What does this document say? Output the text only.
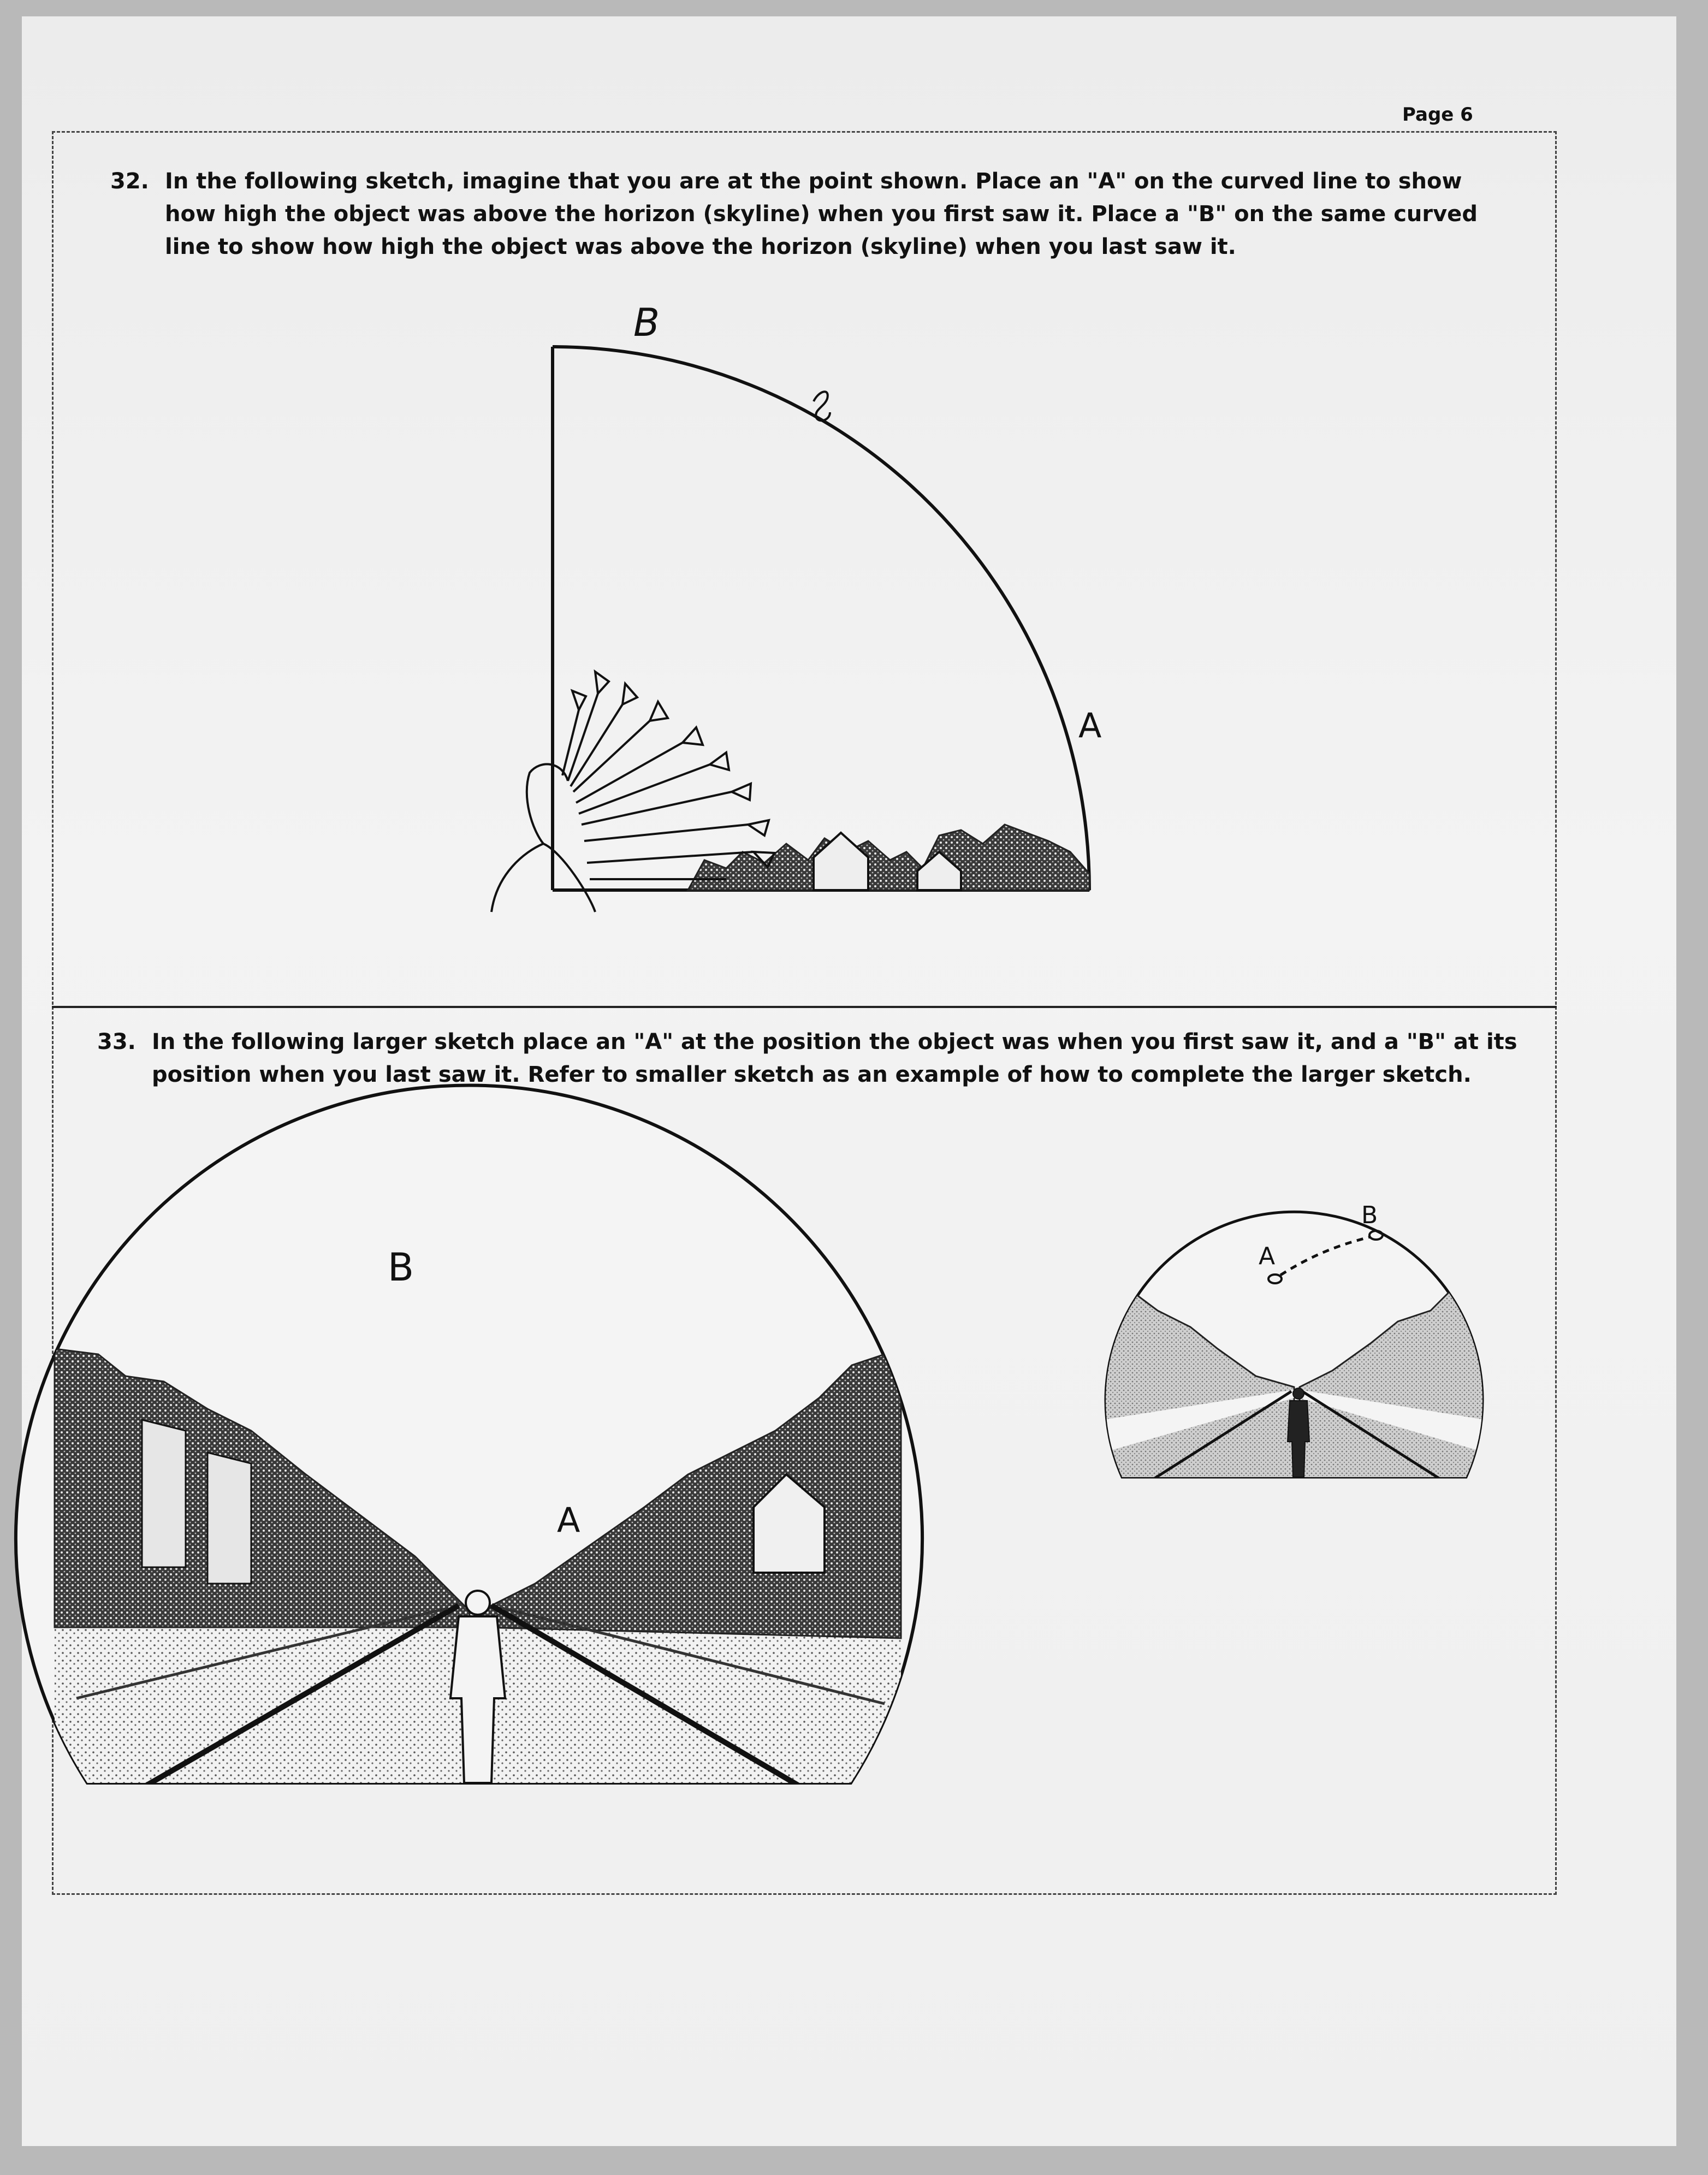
Page 6
32. In the following sketch, imagine that you are at the point shown. Place an "A" on the curved line to show how high the object was above the horizon (skyline) when you first saw it. Place a "B" on the same curved line to show how high the object was above the horizon (skyline) when you last saw it.
33. In the following larger sketch place an "A" at the position the object was when you first saw it, and a "B" at its position when you last saw it. Refer to smaller sketch as an example of how to complete the larger sketch.
A
B
A
B	A
B
